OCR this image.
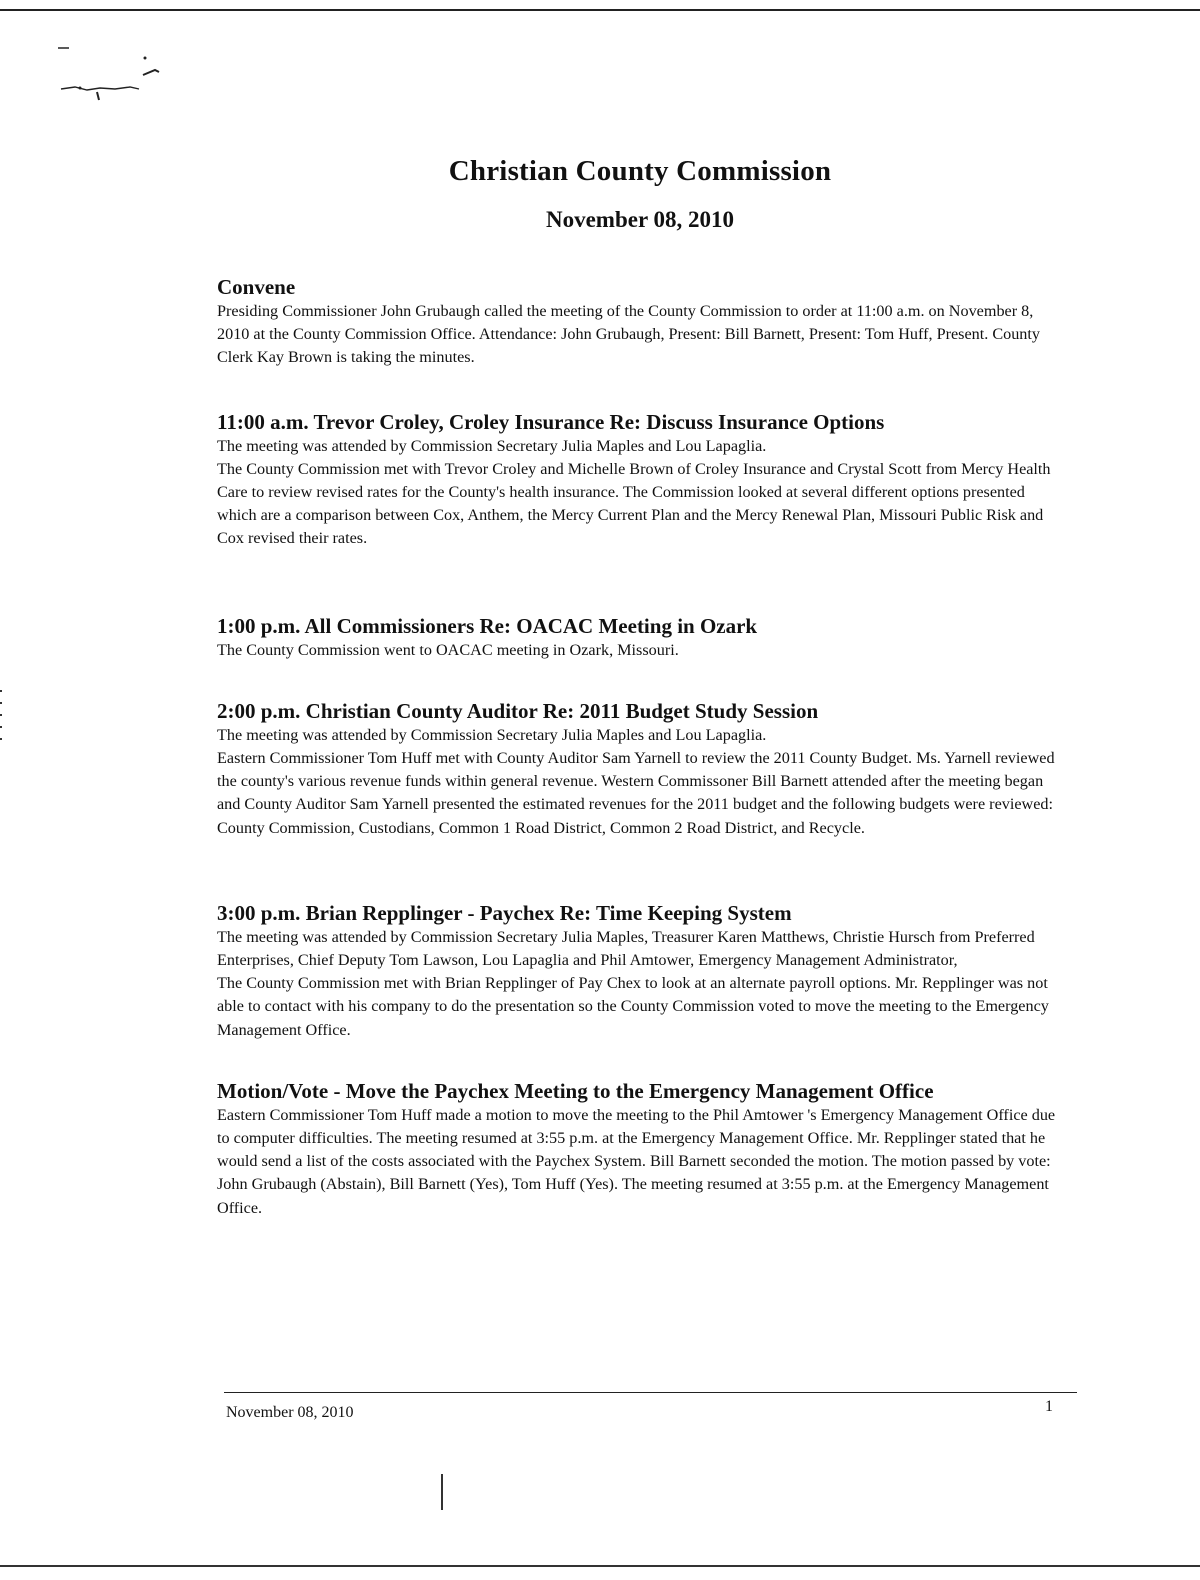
Christian County Commission
November 08, 2010
Convene

Presiding Commissioner John Grubaugh called the meeting of the County Commission to order at 11:00 a.m. on November 8, 2010 at the County Commission Office. Attendance: John Grubaugh, Present: Bill Barnett, Present: Tom Huff, Present. County Clerk Kay Brown is taking the minutes.

11:00 a.m. Trevor Croley, Croley Insurance Re: Discuss Insurance Options

The meeting was attended by Commission Secretary Julia Maples and Lou Lapaglia.

The County Commission met with Trevor Croley and Michelle Brown of Croley Insurance and Crystal Scott from Mercy Health Care to review revised rates for the County's health insurance. The Commission looked at several different options presented which are a comparison between Cox, Anthem, the Mercy Current Plan and the Mercy Renewal Plan, Missouri Public Risk and Cox revised their rates.

1:00 p.m. All Commissioners Re: OACAC Meeting in Ozark

The County Commission went to OACAC meeting in Ozark, Missouri.

2:00 p.m. Christian County Auditor Re: 2011 Budget Study Session

The meeting was attended by Commission Secretary Julia Maples and Lou Lapaglia.

Eastern Commissioner Tom Huff met with County Auditor Sam Yarnell to review the 2011 County Budget. Ms. Yarnell reviewed the county's various revenue funds within general revenue. Western Commissoner Bill Barnett attended after the meeting began and County Auditor Sam Yarnell presented the estimated revenues for the 2011 budget and the following budgets were reviewed: County Commission, Custodians, Common 1 Road District, Common 2 Road District, and Recycle.

3:00 p.m. Brian Repplinger - Paychex Re: Time Keeping System

The meeting was attended by Commission Secretary Julia Maples, Treasurer Karen Matthews, Christie Hursch from Preferred Enterprises, Chief Deputy Tom Lawson, Lou Lapaglia and Phil Amtower, Emergency Management Administrator,

The County Commission met with Brian Repplinger of Pay Chex to look at an alternate payroll options. Mr. Repplinger was not able to contact with his company to do the presentation so the County Commission voted to move the meeting to the Emergency Management Office.

Motion/Vote - Move the Paychex Meeting to the Emergency Management Office

Eastern Commissioner Tom Huff made a motion to move the meeting to the Phil Amtower 's Emergency Management Office due to computer difficulties. The meeting resumed at 3:55 p.m. at the Emergency Management Office. Mr. Repplinger stated that he would send a list of the costs associated with the Paychex System. Bill Barnett seconded the motion. The motion passed by vote: John Grubaugh (Abstain), Bill Barnett (Yes), Tom Huff (Yes). The meeting resumed at 3:55 p.m. at the Emergency Management Office.

November 08, 2010	1
